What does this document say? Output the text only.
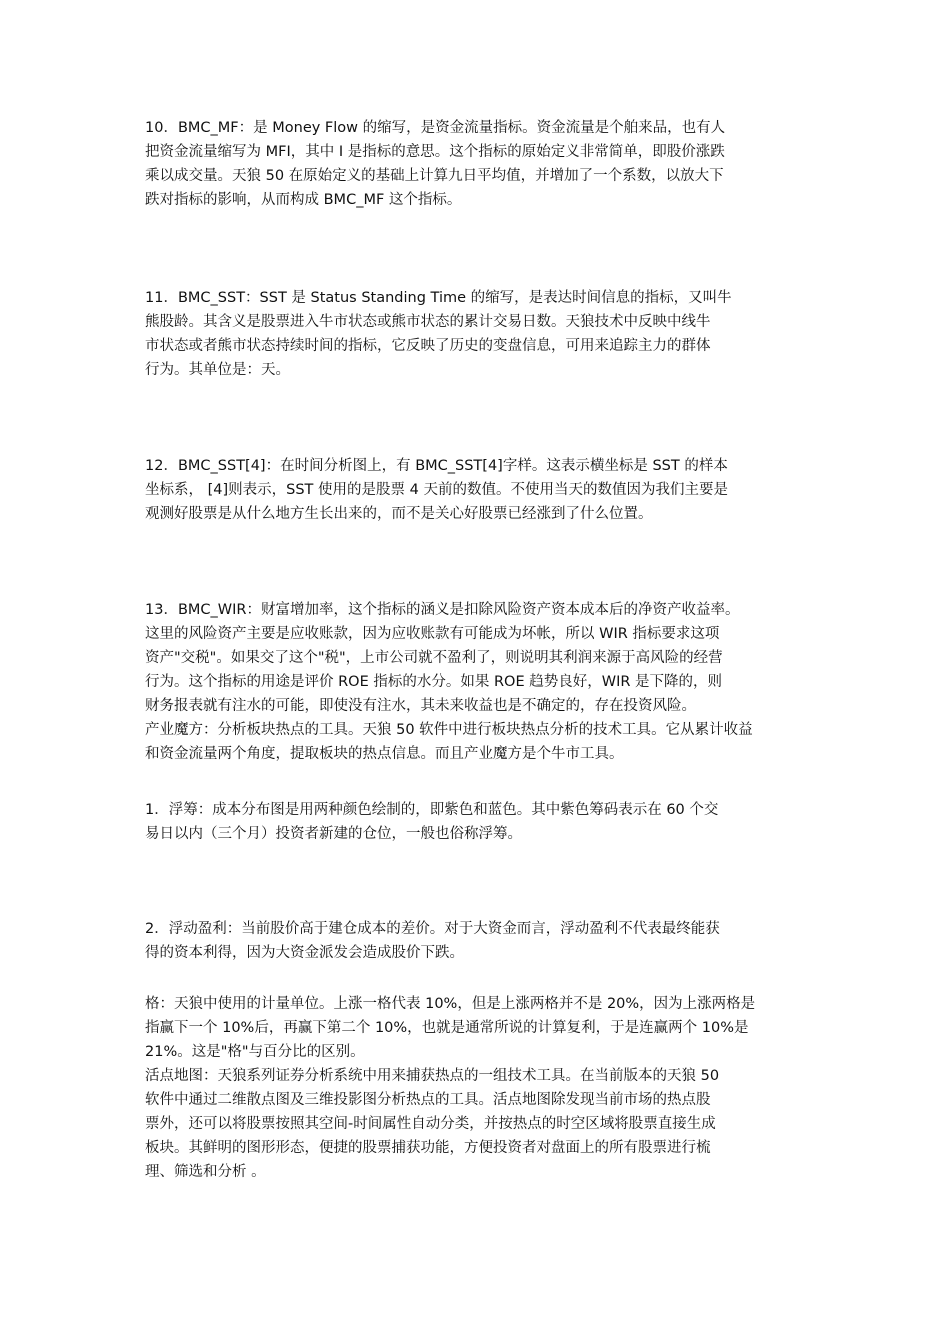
10．BMC_MF：是 Money Flow 的缩写，是资金流量指标。资金流量是个舶来品，也有人
把资金流量缩写为 MFI，其中 I 是指标的意思。这个指标的原始定义非常简单，即股价涨跌
乘以成交量。天狼 50 在原始定义的基础上计算九日平均值，并增加了一个系数，以放大下
跌对指标的影响，从而构成 BMC_MF 这个指标。
11．BMC_SST：SST 是 Status Standing Time 的缩写，是表达时间信息的指标，又叫牛
熊股龄。其含义是股票进入牛市状态或熊市状态的累计交易日数。天狼技术中反映中线牛
市状态或者熊市状态持续时间的指标，它反映了历史的变盘信息，可用来追踪主力的群体
行为。其单位是：天。
12．BMC_SST[4]：在时间分析图上，有 BMC_SST[4]字样。这表示横坐标是 SST 的样本
坐标系， [4]则表示，SST 使用的是股票 4 天前的数值。不使用当天的数值因为我们主要是
观测好股票是从什么地方生长出来的，而不是关心好股票已经涨到了什么位置。
13．BMC_WIR：财富增加率，这个指标的涵义是扣除风险资产资本成本后的净资产收益率。
这里的风险资产主要是应收账款，因为应收账款有可能成为坏帐，所以 WIR 指标要求这项
资产"交税"。如果交了这个"税"，上市公司就不盈利了，则说明其利润来源于高风险的经营
行为。这个指标的用途是评价 ROE 指标的水分。如果 ROE 趋势良好，WIR 是下降的，则
财务报表就有注水的可能，即使没有注水，其未来收益也是不确定的，存在投资风险。
产业魔方：分析板块热点的工具。天狼 50 软件中进行板块热点分析的技术工具。它从累计收益
和资金流量两个角度，提取板块的热点信息。而且产业魔方是个牛市工具。
1．浮筹：成本分布图是用两种颜色绘制的，即紫色和蓝色。其中紫色筹码表示在 60 个交
易日以内（三个月）投资者新建的仓位，一般也俗称浮筹。
2．浮动盈利：当前股价高于建仓成本的差价。对于大资金而言，浮动盈利不代表最终能获
得的资本利得，因为大资金派发会造成股价下跌。
格：天狼中使用的计量单位。上涨一格代表 10%，但是上涨两格并不是 20%，因为上涨两格是
指赢下一个 10%后，再赢下第二个 10%，也就是通常所说的计算复利，于是连赢两个 10%是
21%。这是"格"与百分比的区别。
活点地图：天狼系列证券分析系统中用来捕获热点的一组技术工具。在当前版本的天狼 50
软件中通过二维散点图及三维投影图分析热点的工具。活点地图除发现当前市场的热点股
票外，还可以将股票按照其空间-时间属性自动分类，并按热点的时空区域将股票直接生成
板块。其鲜明的图形形态，便捷的股票捕获功能，方便投资者对盘面上的所有股票进行梳
理、筛选和分析 。
